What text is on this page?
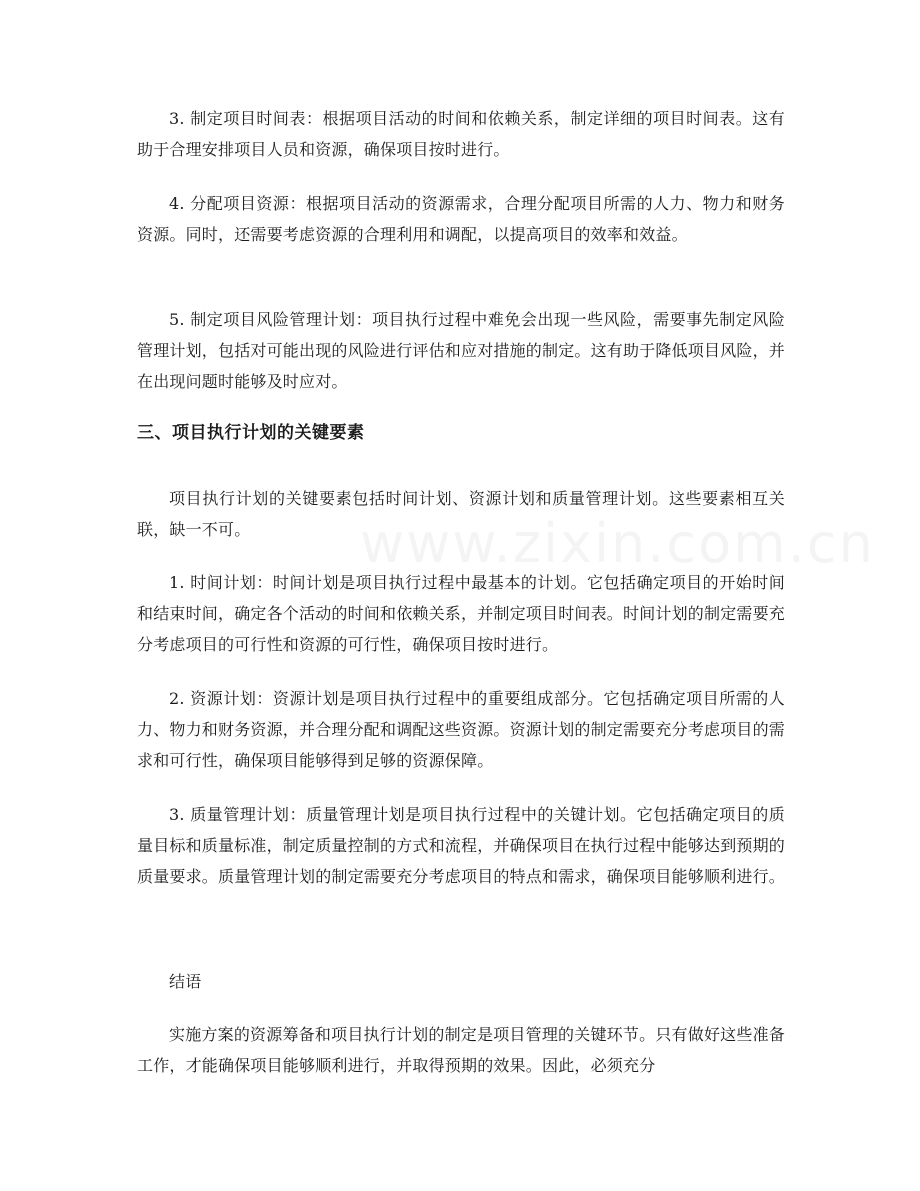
3. 制定项目时间表：根据项目活动的时间和依赖关系，制定详细的项目时间表。这有助于合理安排项目人员和资源，确保项目按时进行。

4. 分配项目资源：根据项目活动的资源需求，合理分配项目所需的人力、物力和财务资源。同时，还需要考虑资源的合理利用和调配，以提高项目的效率和效益。

5. 制定项目风险管理计划：项目执行过程中难免会出现一些风险，需要事先制定风险管理计划，包括对可能出现的风险进行评估和应对措施的制定。这有助于降低项目风险，并在出现问题时能够及时应对。

三、项目执行计划的关键要素

项目执行计划的关键要素包括时间计划、资源计划和质量管理计划。这些要素相互关联，缺一不可。

1. 时间计划：时间计划是项目执行过程中最基本的计划。它包括确定项目的开始时间和结束时间，确定各个活动的时间和依赖关系，并制定项目时间表。时间计划的制定需要充分考虑项目的可行性和资源的可行性，确保项目按时进行。

2. 资源计划：资源计划是项目执行过程中的重要组成部分。它包括确定项目所需的人力、物力和财务资源，并合理分配和调配这些资源。资源计划的制定需要充分考虑项目的需求和可行性，确保项目能够得到足够的资源保障。

3. 质量管理计划：质量管理计划是项目执行过程中的关键计划。它包括确定项目的质量目标和质量标准，制定质量控制的方式和流程，并确保项目在执行过程中能够达到预期的质量要求。质量管理计划的制定需要充分考虑项目的特点和需求，确保项目能够顺利进行。

结语

实施方案的资源筹备和项目执行计划的制定是项目管理的关键环节。只有做好这些准备工作，才能确保项目能够顺利进行，并取得预期的效果。因此，必须充分
